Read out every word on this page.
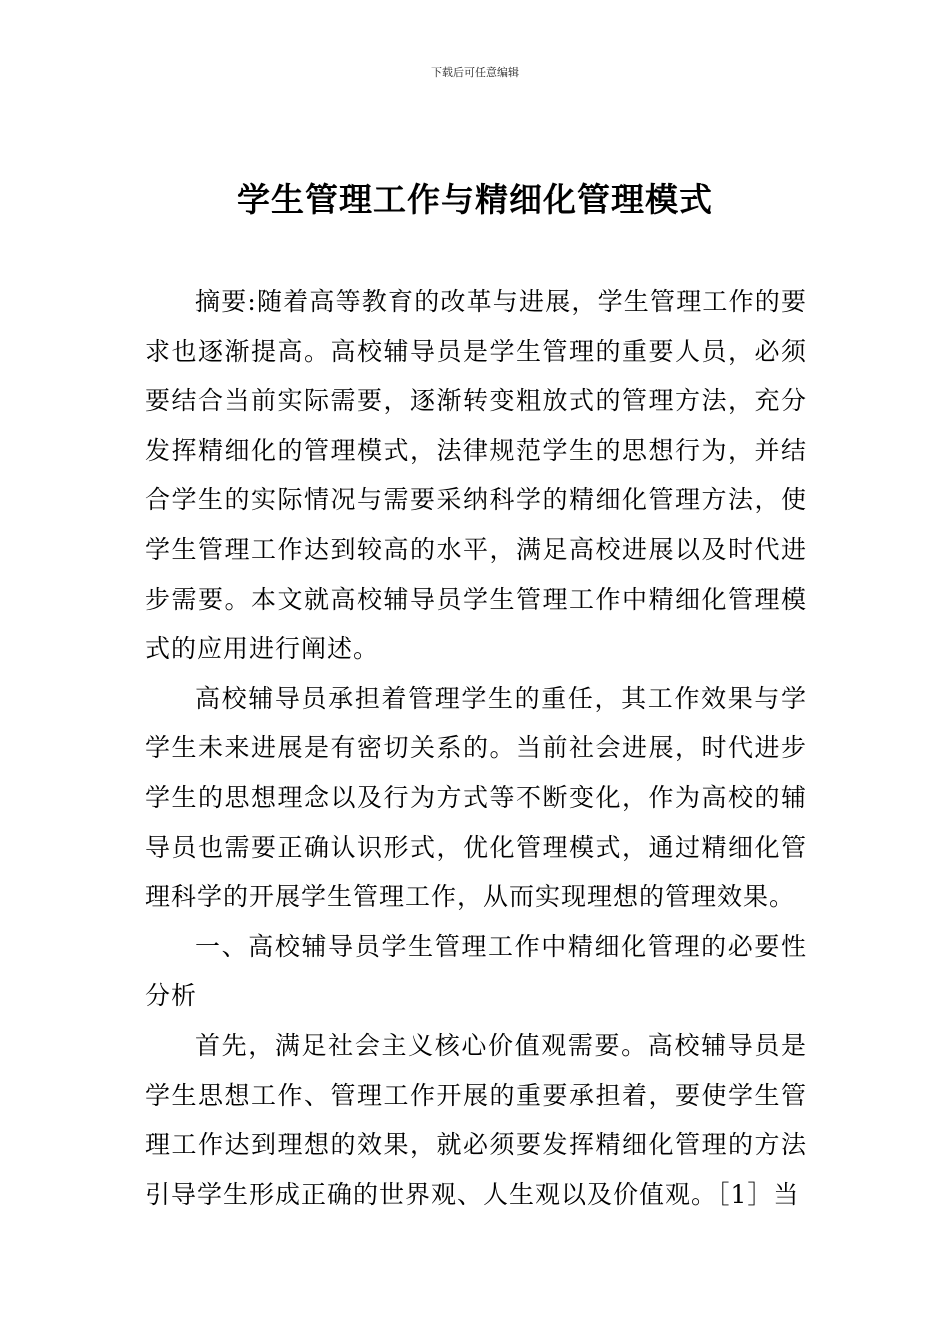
下载后可任意编辑
学生管理工作与精细化管理模式

摘要:随着高等教育的改革与进展，学生管理工作的要求也逐渐提高。高校辅导员是学生管理的重要人员，必须要结合当前实际需要，逐渐转变粗放式的管理方法，充分发挥精细化的管理模式，法律规范学生的思想行为，并结合学生的实际情况与需要采纳科学的精细化管理方法，使学生管理工作达到较高的水平，满足高校进展以及时代进步需要。本文就高校辅导员学生管理工作中精细化管理模式的应用进行阐述。

高校辅导员承担着管理学生的重任，其工作效果与学学生未来进展是有密切关系的。当前社会进展，时代进步学生的思想理念以及行为方式等不断变化，作为高校的辅导员也需要正确认识形式，优化管理模式，通过精细化管理科学的开展学生管理工作，从而实现理想的管理效果。

一、高校辅导员学生管理工作中精细化管理的必要性分析

首先，满足社会主义核心价值观需要。高校辅导员是学生思想工作、管理工作开展的重要承担着，要使学生管理工作达到理想的效果，就必须要发挥精细化管理的方法引导学生形成正确的世界观、人生观以及价值观。［1］当
